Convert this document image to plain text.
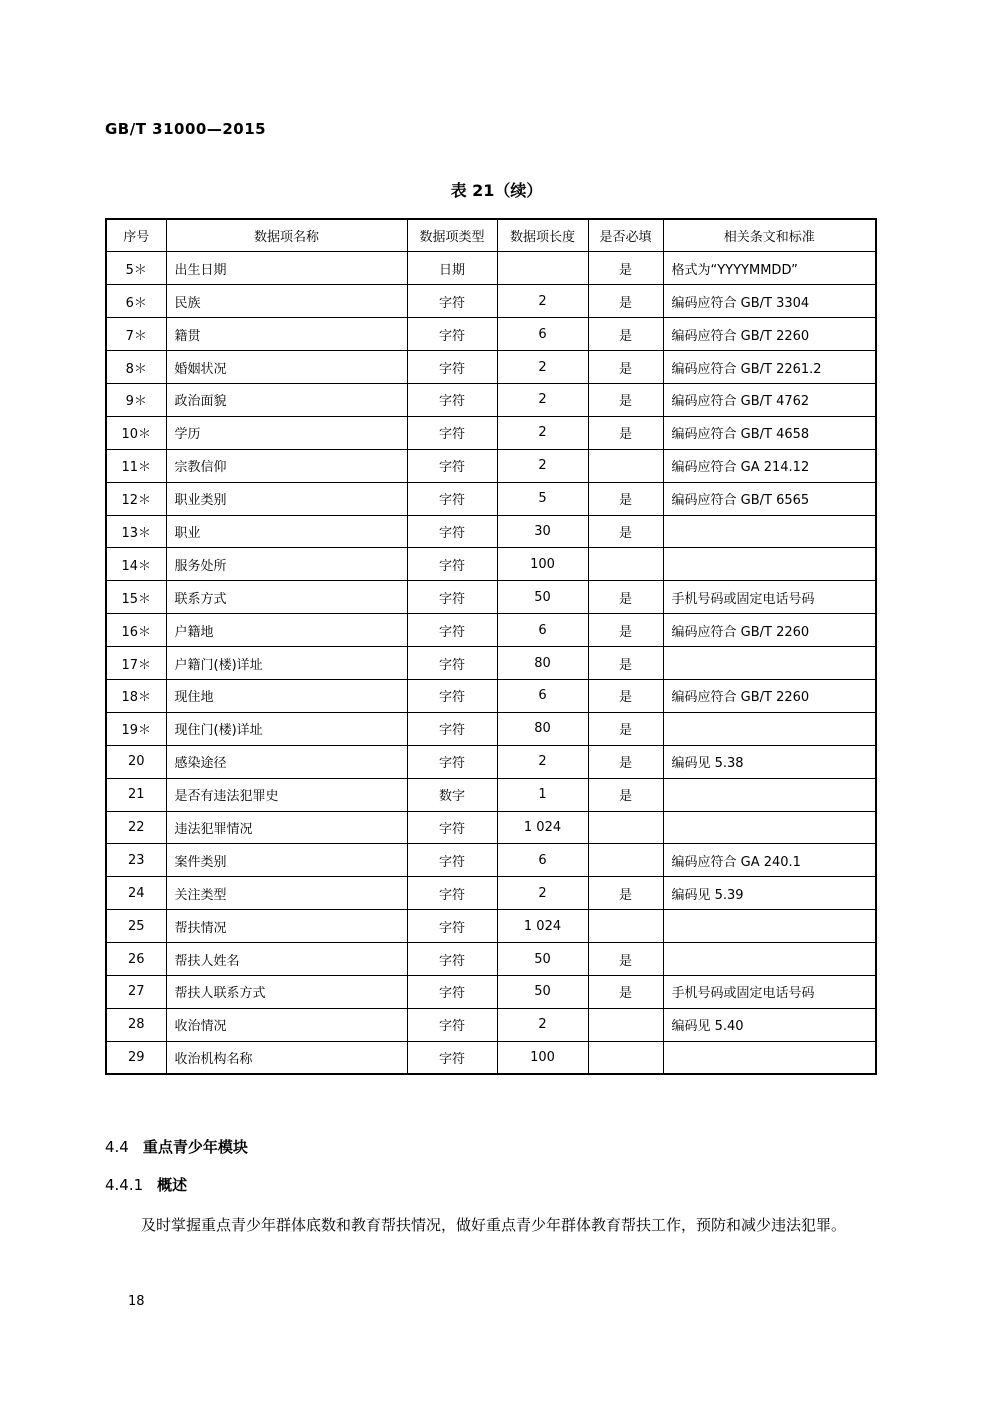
GB/T 31000—2015
表 21（续）
序号	数据项名称	数据项类型	数据项长度	是否必填	相关条文和标准
5＊	出生日期	日期		是	格式为“YYYYMMDD”
6＊	民族	字符	2	是	编码应符合 GB/T 3304
7＊	籍贯	字符	6	是	编码应符合 GB/T 2260
8＊	婚姻状况	字符	2	是	编码应符合 GB/T 2261.2
9＊	政治面貌	字符	2	是	编码应符合 GB/T 4762
10＊	学历	字符	2	是	编码应符合 GB/T 4658
11＊	宗教信仰	字符	2		编码应符合 GA 214.12
12＊	职业类别	字符	5	是	编码应符合 GB/T 6565
13＊	职业	字符	30	是	
14＊	服务处所	字符	100		
15＊	联系方式	字符	50	是	手机号码或固定电话号码
16＊	户籍地	字符	6	是	编码应符合 GB/T 2260
17＊	户籍门(楼)详址	字符	80	是	
18＊	现住地	字符	6	是	编码应符合 GB/T 2260
19＊	现住门(楼)详址	字符	80	是	
20	感染途径	字符	2	是	编码见 5.38
21	是否有违法犯罪史	数字	1	是	
22	违法犯罪情况	字符	1 024		
23	案件类别	字符	6		编码应符合 GA 240.1
24	关注类型	字符	2	是	编码见 5.39
25	帮扶情况	字符	1 024		
26	帮扶人姓名	字符	50	是	
27	帮扶人联系方式	字符	50	是	手机号码或固定电话号码
28	收治情况	字符	2		编码见 5.40
29	收治机构名称	字符	100		
4.4 重点青少年模块
4.4.1 概述
及时掌握重点青少年群体底数和教育帮扶情况，做好重点青少年群体教育帮扶工作，预防和减少违法犯罪。
18
